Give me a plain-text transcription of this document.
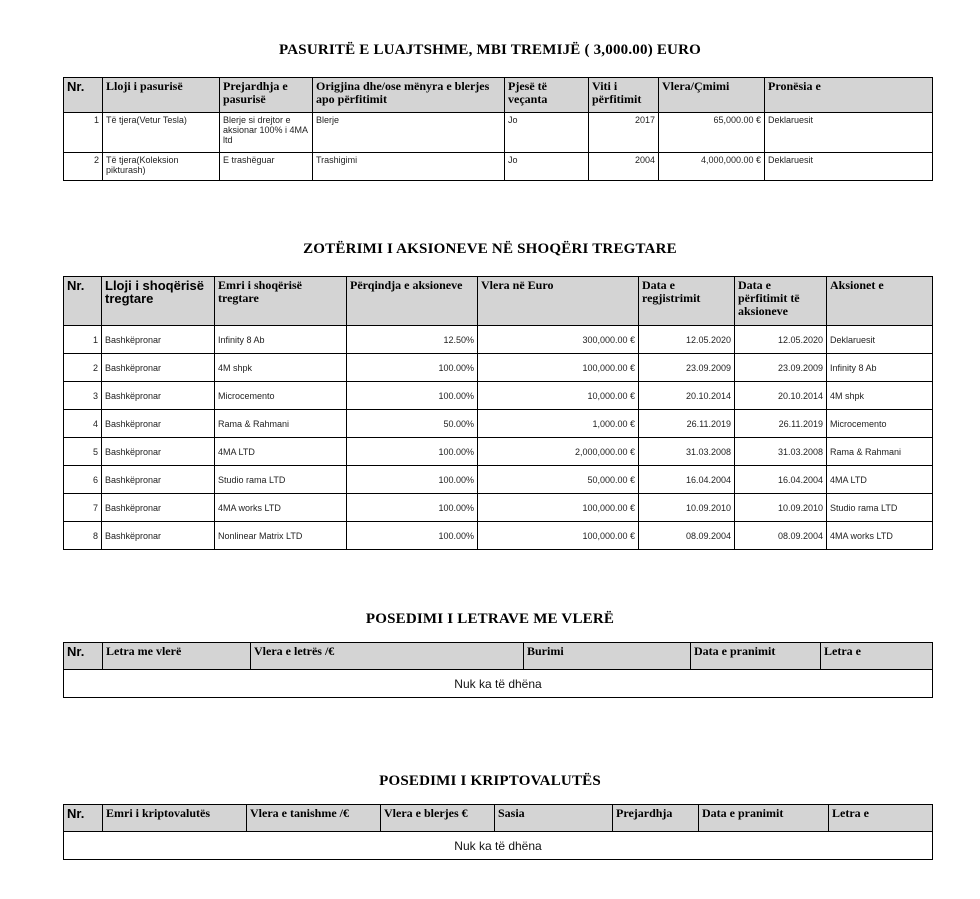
PASURITË E LUAJTSHME, MBI TREMIJË ( 3,000.00) EURO
Nr.	Lloji i pasurisë	Prejardhja e pasurisë	Origjina dhe/ose mënyra e blerjes apo përfitimit	Pjesë të veçanta	Viti i përfitimit	Vlera/Çmimi	Pronësia e
1	Të tjera(Vetur Tesla)	Blerje si drejtor e aksionar 100% i 4MA ltd	Blerje	Jo	2017	65,000.00 €	Deklaruesit
2	Të tjera(Koleksion pikturash)	E trashëguar	Trashigimi	Jo	2004	4,000,000.00 €	Deklaruesit
ZOTËRIMI I AKSIONEVE NË SHOQËRI TREGTARE
Nr.	Lloji i shoqërisë tregtare	Emri i shoqërisë tregtare	Përqindja e aksioneve	Vlera në Euro	Data e regjistrimit	Data e përfitimit të aksioneve	Aksionet e
1	Bashkëpronar	Infinity 8 Ab	12.50%	300,000.00 €	12.05.2020	12.05.2020	Deklaruesit
2	Bashkëpronar	4M shpk	100.00%	100,000.00 €	23.09.2009	23.09.2009	Infinity 8 Ab
3	Bashkëpronar	Microcemento	100.00%	10,000.00 €	20.10.2014	20.10.2014	4M shpk
4	Bashkëpronar	Rama & Rahmani	50.00%	1,000.00 €	26.11.2019	26.11.2019	Microcemento
5	Bashkëpronar	4MA LTD	100.00%	2,000,000.00 €	31.03.2008	31.03.2008	Rama & Rahmani
6	Bashkëpronar	Studio rama LTD	100.00%	50,000.00 €	16.04.2004	16.04.2004	4MA LTD
7	Bashkëpronar	4MA works LTD	100.00%	100,000.00 €	10.09.2010	10.09.2010	Studio rama LTD
8	Bashkëpronar	Nonlinear Matrix LTD	100.00%	100,000.00 €	08.09.2004	08.09.2004	4MA works LTD
POSEDIMI I LETRAVE ME VLERË
Nr.	Letra me vlerë	Vlera e letrës /€	Burimi	Data e pranimit	Letra e
Nuk ka të dhëna
POSEDIMI I KRIPTOVALUTËS
Nr.	Emri i kriptovalutës	Vlera e tanishme /€	Vlera e blerjes €	Sasia	Prejardhja	Data e pranimit	Letra e
Nuk ka të dhëna
